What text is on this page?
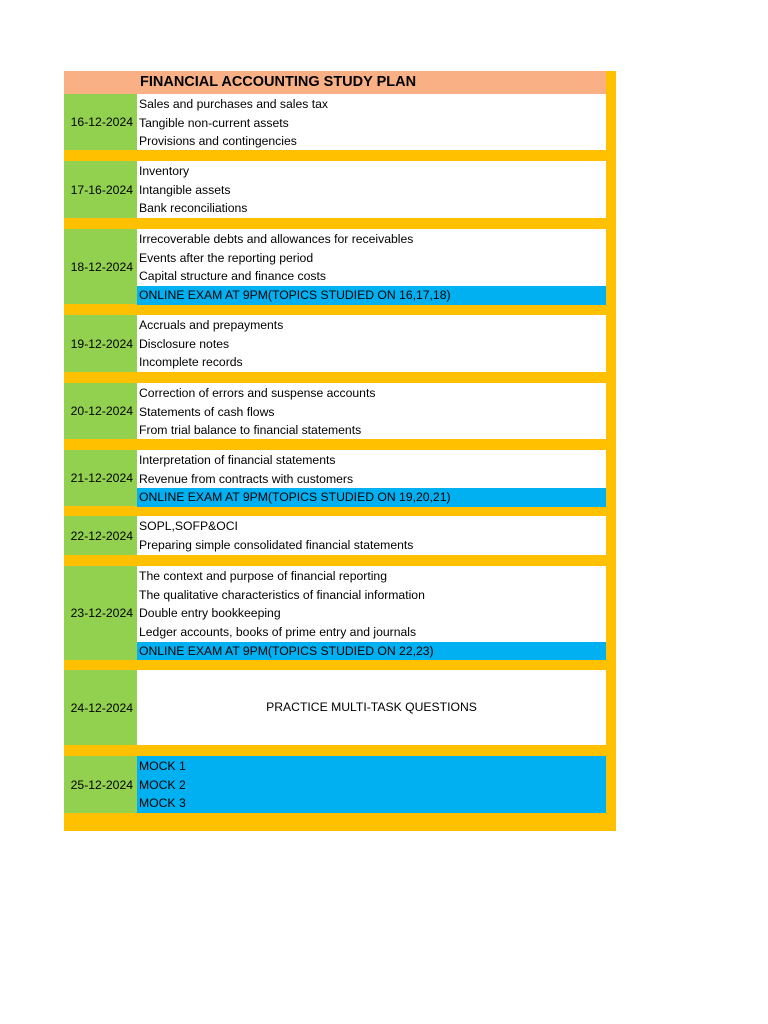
FINANCIAL ACCOUNTING STUDY PLAN
16-12-2024
Sales and purchases and sales tax
Tangible non-current assets
Provisions and contingencies
17-16-2024
Inventory
Intangible assets
Bank reconciliations
18-12-2024
Irrecoverable debts and allowances for receivables
Events after the reporting period
Capital structure and finance costs
ONLINE EXAM AT 9PM(TOPICS STUDIED ON 16,17,18)
19-12-2024
Accruals and prepayments
Disclosure notes
Incomplete records
20-12-2024
Correction of errors and suspense accounts
Statements of cash flows
From trial balance to financial statements
21-12-2024
Interpretation of financial statements
Revenue from contracts with customers
ONLINE EXAM AT 9PM(TOPICS STUDIED ON 19,20,21)
22-12-2024
SOPL,SOFP&OCI
Preparing simple consolidated financial statements
23-12-2024
The context and purpose of financial reporting
The qualitative characteristics of financial information
Double entry bookkeeping
Ledger accounts, books of prime entry and journals
ONLINE EXAM AT 9PM(TOPICS STUDIED ON 22,23)
24-12-2024	PRACTICE MULTI-TASK QUESTIONS
25-12-2024
MOCK 1
MOCK 2
MOCK 3
